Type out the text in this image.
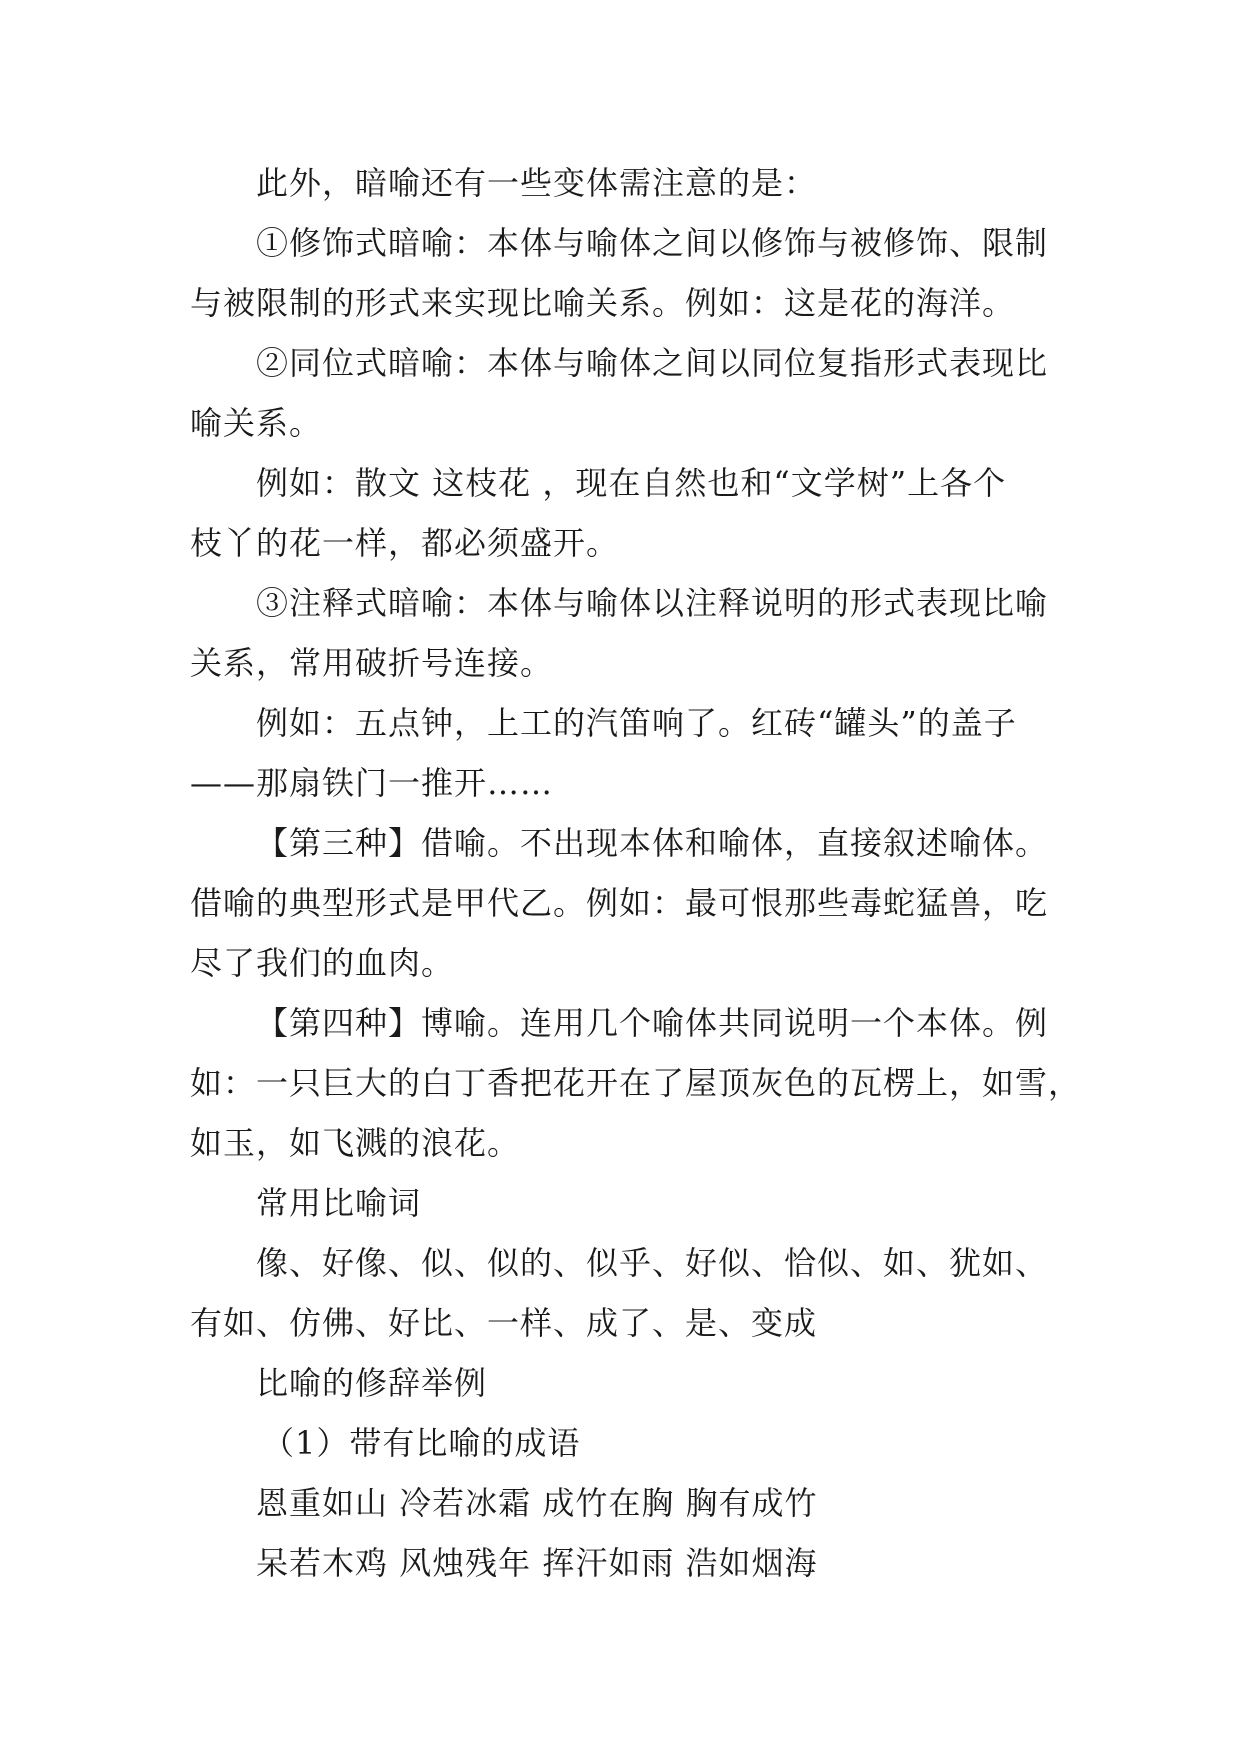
此外，暗喻还有一些变体需注意的是：
①修饰式暗喻：本体与喻体之间以修饰与被修饰、限制
与被限制的形式来实现比喻关系。例如：这是花的海洋。
②同位式暗喻：本体与喻体之间以同位复指形式表现比
喻关系。
例如：散文 这枝花 ，现在自然也和“文学树”上各个
枝丫的花一样，都必须盛开。
③注释式暗喻：本体与喻体以注释说明的形式表现比喻
关系，常用破折号连接。
例如：五点钟，上工的汽笛响了。红砖“罐头”的盖子
——那扇铁门一推开……
【第三种】借喻。不出现本体和喻体，直接叙述喻体。
借喻的典型形式是甲代乙。例如：最可恨那些毒蛇猛兽，吃
尽了我们的血肉。
【第四种】博喻。连用几个喻体共同说明一个本体。例
如：一只巨大的白丁香把花开在了屋顶灰色的瓦楞上，如雪，
如玉，如飞溅的浪花。
常用比喻词
像、好像、似、似的、似乎、好似、恰似、如、犹如、
有如、仿佛、好比、一样、成了、是、变成
比喻的修辞举例
（1）带有比喻的成语
恩重如山 冷若冰霜 成竹在胸 胸有成竹
呆若木鸡 风烛残年 挥汗如雨 浩如烟海
